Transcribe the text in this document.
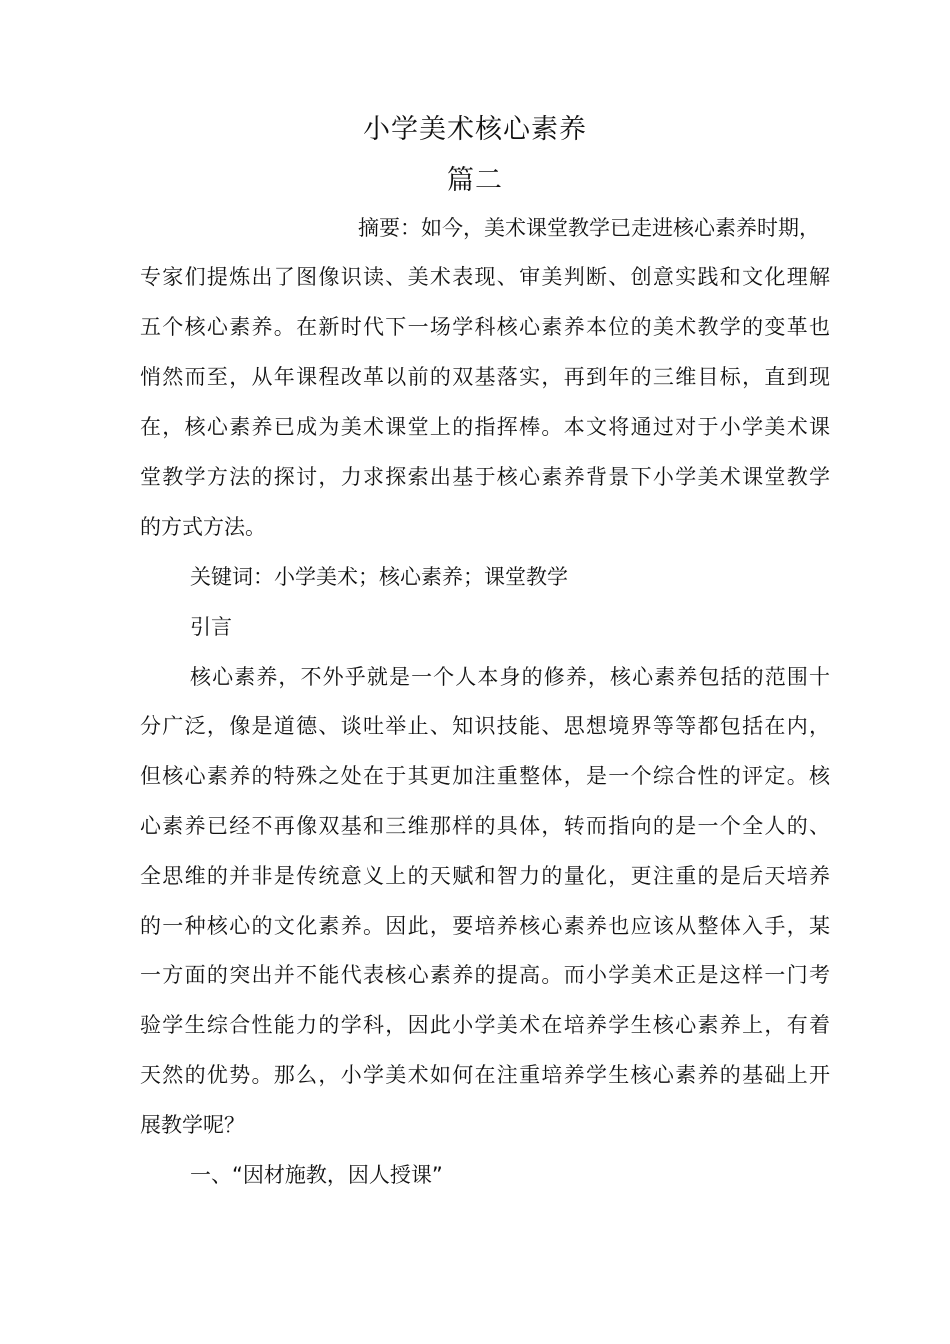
小学美术核心素养
篇二
摘要：如今，美术课堂教学已走进核心素养时期，
专家们提炼出了图像识读、美术表现、审美判断、创意实践和文化理解
五个核心素养。在新时代下一场学科核心素养本位的美术教学的变革也
悄然而至，从年课程改革以前的双基落实，再到年的三维目标，直到现
在，核心素养已成为美术课堂上的指挥棒。本文将通过对于小学美术课
堂教学方法的探讨，力求探索出基于核心素养背景下小学美术课堂教学
的方式方法。
关键词：小学美术；核心素养；课堂教学
引言
核心素养，不外乎就是一个人本身的修养，核心素养包括的范围十
分广泛，像是道德、谈吐举止、知识技能、思想境界等等都包括在内，
但核心素养的特殊之处在于其更加注重整体，是一个综合性的评定。核
心素养已经不再像双基和三维那样的具体，转而指向的是一个全人的、
全思维的并非是传统意义上的天赋和智力的量化，更注重的是后天培养
的一种核心的文化素养。因此，要培养核心素养也应该从整体入手，某
一方面的突出并不能代表核心素养的提高。而小学美术正是这样一门考
验学生综合性能力的学科，因此小学美术在培养学生核心素养上，有着
天然的优势。那么，小学美术如何在注重培养学生核心素养的基础上开
展教学呢？
一、“因材施教，因人授课”
